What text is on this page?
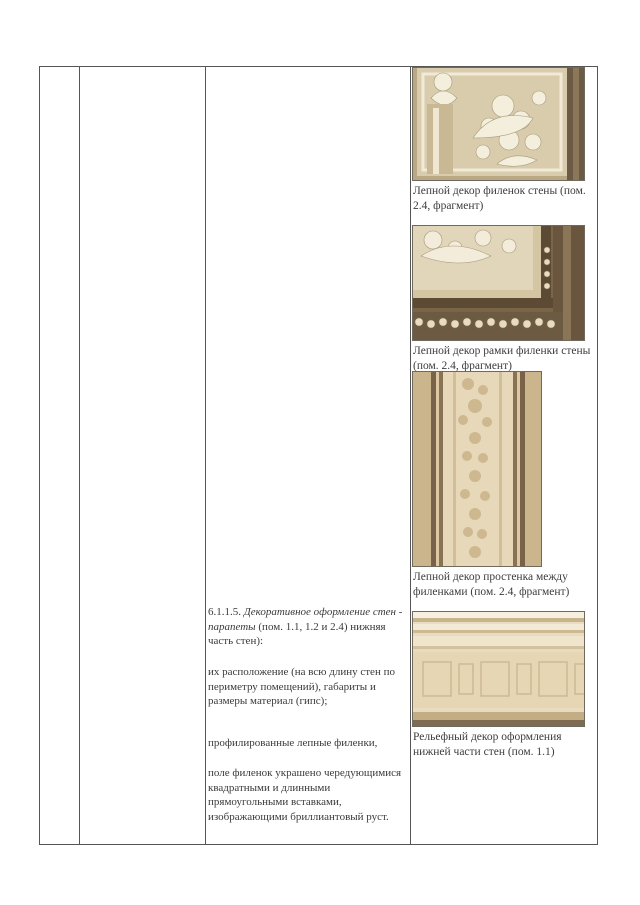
Лепной декор филенок стены (пом. 2.4, фрагмент)
Лепной декор рамки филенки стены (пом. 2.4, фрагмент)
Лепной декор простенка между филенками (пом. 2.4, фрагмент)
Рельефный декор оформления нижней части стен (пом. 1.1)

6.1.1.5. Декоративное оформление стен - парапеты (пом. 1.1, 1.2 и 2.4) нижняя часть стен):

их расположение (на всю длину стен по периметру помещений), габариты и размеры материал (гипс);
профилированные лепные филенки,
поле филенок украшено чередующимися квадратными и длинными прямоугольными вставками, изображающими бриллиантовый руст.
